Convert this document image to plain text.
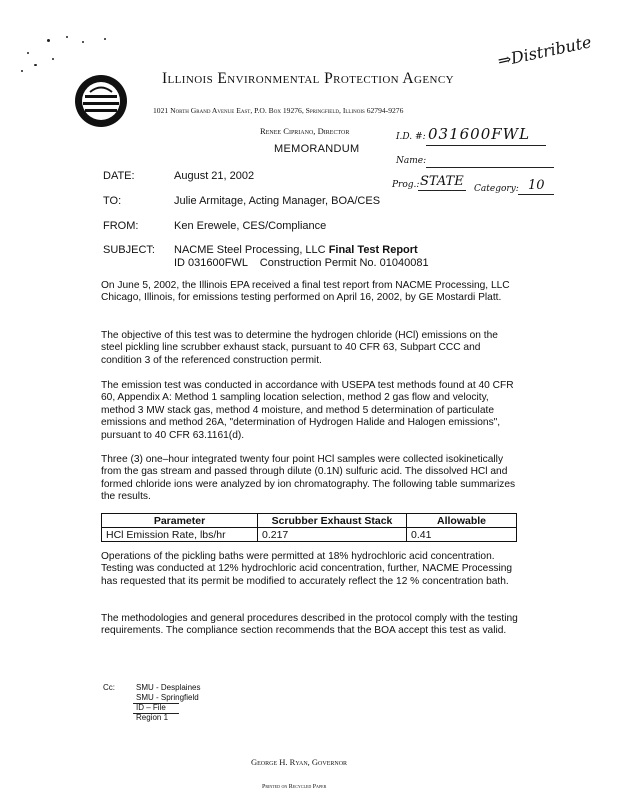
Illinois Environmental Protection Agency
1021 North Grand Avenue East, P.O. Box 19276, Springfield, Illinois 62794-9276
Renee Cipriano, Director
MEMORANDUM
⇒Distribute
I.D. #: 031600FWL
Name:
Prog.: STATE Category: 10
DATE:	August 21, 2002
TO:	Julie Armitage, Acting Manager, BOA/CES
FROM:	Ken Erewele, CES/Compliance
SUBJECT: NACME Steel Processing, LLC Final Test Report
ID 031600FWL    Construction Permit No. 01040081
On June 5, 2002, the Illinois EPA received a final test report from NACME Processing, LLC Chicago, Illinois, for emissions testing performed on April 16, 2002, by GE Mostardi Platt.
The objective of this test was to determine the hydrogen chloride (HCl) emissions on the steel pickling line scrubber exhaust stack, pursuant to 40 CFR 63, Subpart CCC and condition 3 of the referenced construction permit.
The emission test was conducted in accordance with USEPA test methods found at 40 CFR 60, Appendix A: Method 1 sampling location selection, method 2 gas flow and velocity, method 3 MW stack gas, method 4 moisture, and method 5 determination of particulate emissions and method 26A, "determination of Hydrogen Halide and Halogen emissions", pursuant to 40 CFR 63.1161(d).
Three (3) one–hour integrated twenty four point HCl samples were collected isokinetically from the gas stream and passed through dilute (0.1N) sulfuric acid. The dissolved HCl and formed chloride ions were analyzed by ion chromatography. The following table summarizes the results.
Parameter	Scrubber Exhaust Stack	Allowable
HCl Emission Rate, lbs/hr	0.217	0.41
Operations of the pickling baths were permitted at 18% hydrochloric acid concentration. Testing was conducted at 12% hydrochloric acid concentration, further, NACME Processing has requested that its permit be modified to accurately reflect the 12 % concentration bath.
The methodologies and general procedures described in the protocol comply with the testing requirements. The compliance section recommends that the BOA accept this test as valid.
Cc:	SMU - Desplaines
SMU - Springfield
ID – File
Region 1
George H. Ryan, Governor
Printed on Recycled Paper
